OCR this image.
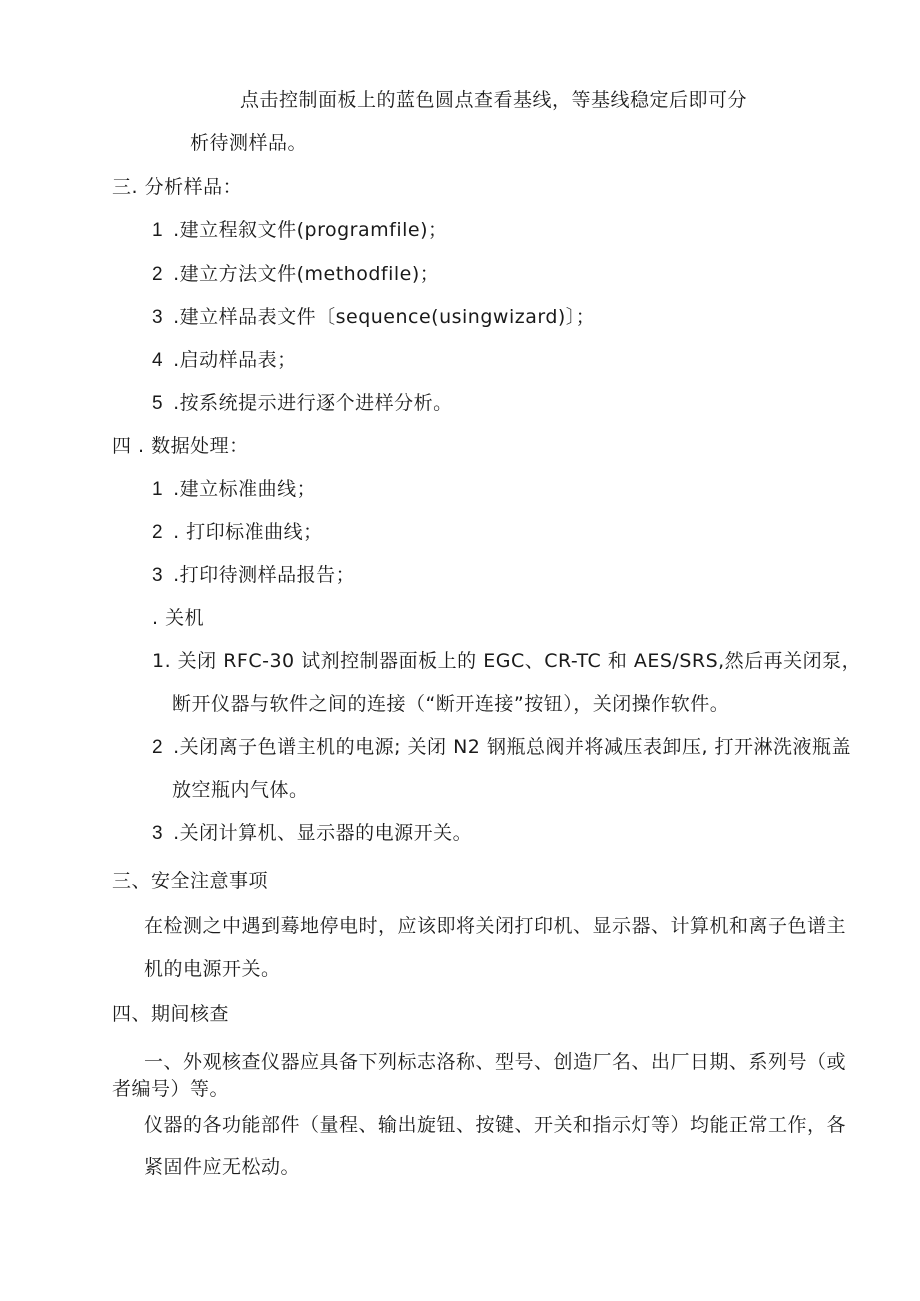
点击控制面板上的蓝色圆点查看基线，等基线稳定后即可分
析待测样品。
三. 分析样品：
1 .建立程叙文件(programfile)；
2 .建立方法文件(methodfile)；
3 .建立样品表文件〔sequence(usingwizard)〕；
4 .启动样品表；
5 .按系统提示进行逐个进样分析。
四 . 数据处理：
1 .建立标准曲线；
2 . 打印标准曲线；
3 .打印待测样品报告；
. 关机
1. 关闭 RFC-30 试剂控制器面板上的 EGC、CR-TC 和 AES/SRS,然后再关闭泵，
断开仪器与软件之间的连接（“断开连接”按钮），关闭操作软件。
2 .关闭离子色谱主机的电源; 关闭 N2 钢瓶总阀并将减压表卸压, 打开淋洗液瓶盖
放空瓶内气体。
3 .关闭计算机、显示器的电源开关。
三、安全注意事项
在检测之中遇到蓦地停电时，应该即将关闭打印机、显示器、计算机和离子色谱主
机的电源开关。
四、期间核查
一、外观核查仪器应具备下列标志洛称、型号、创造厂名、出厂日期、系列号（或
者编号）等。
仪器的各功能部件（量程、输出旋钮、按键、开关和指示灯等）均能正常工作，各
紧固件应无松动。
